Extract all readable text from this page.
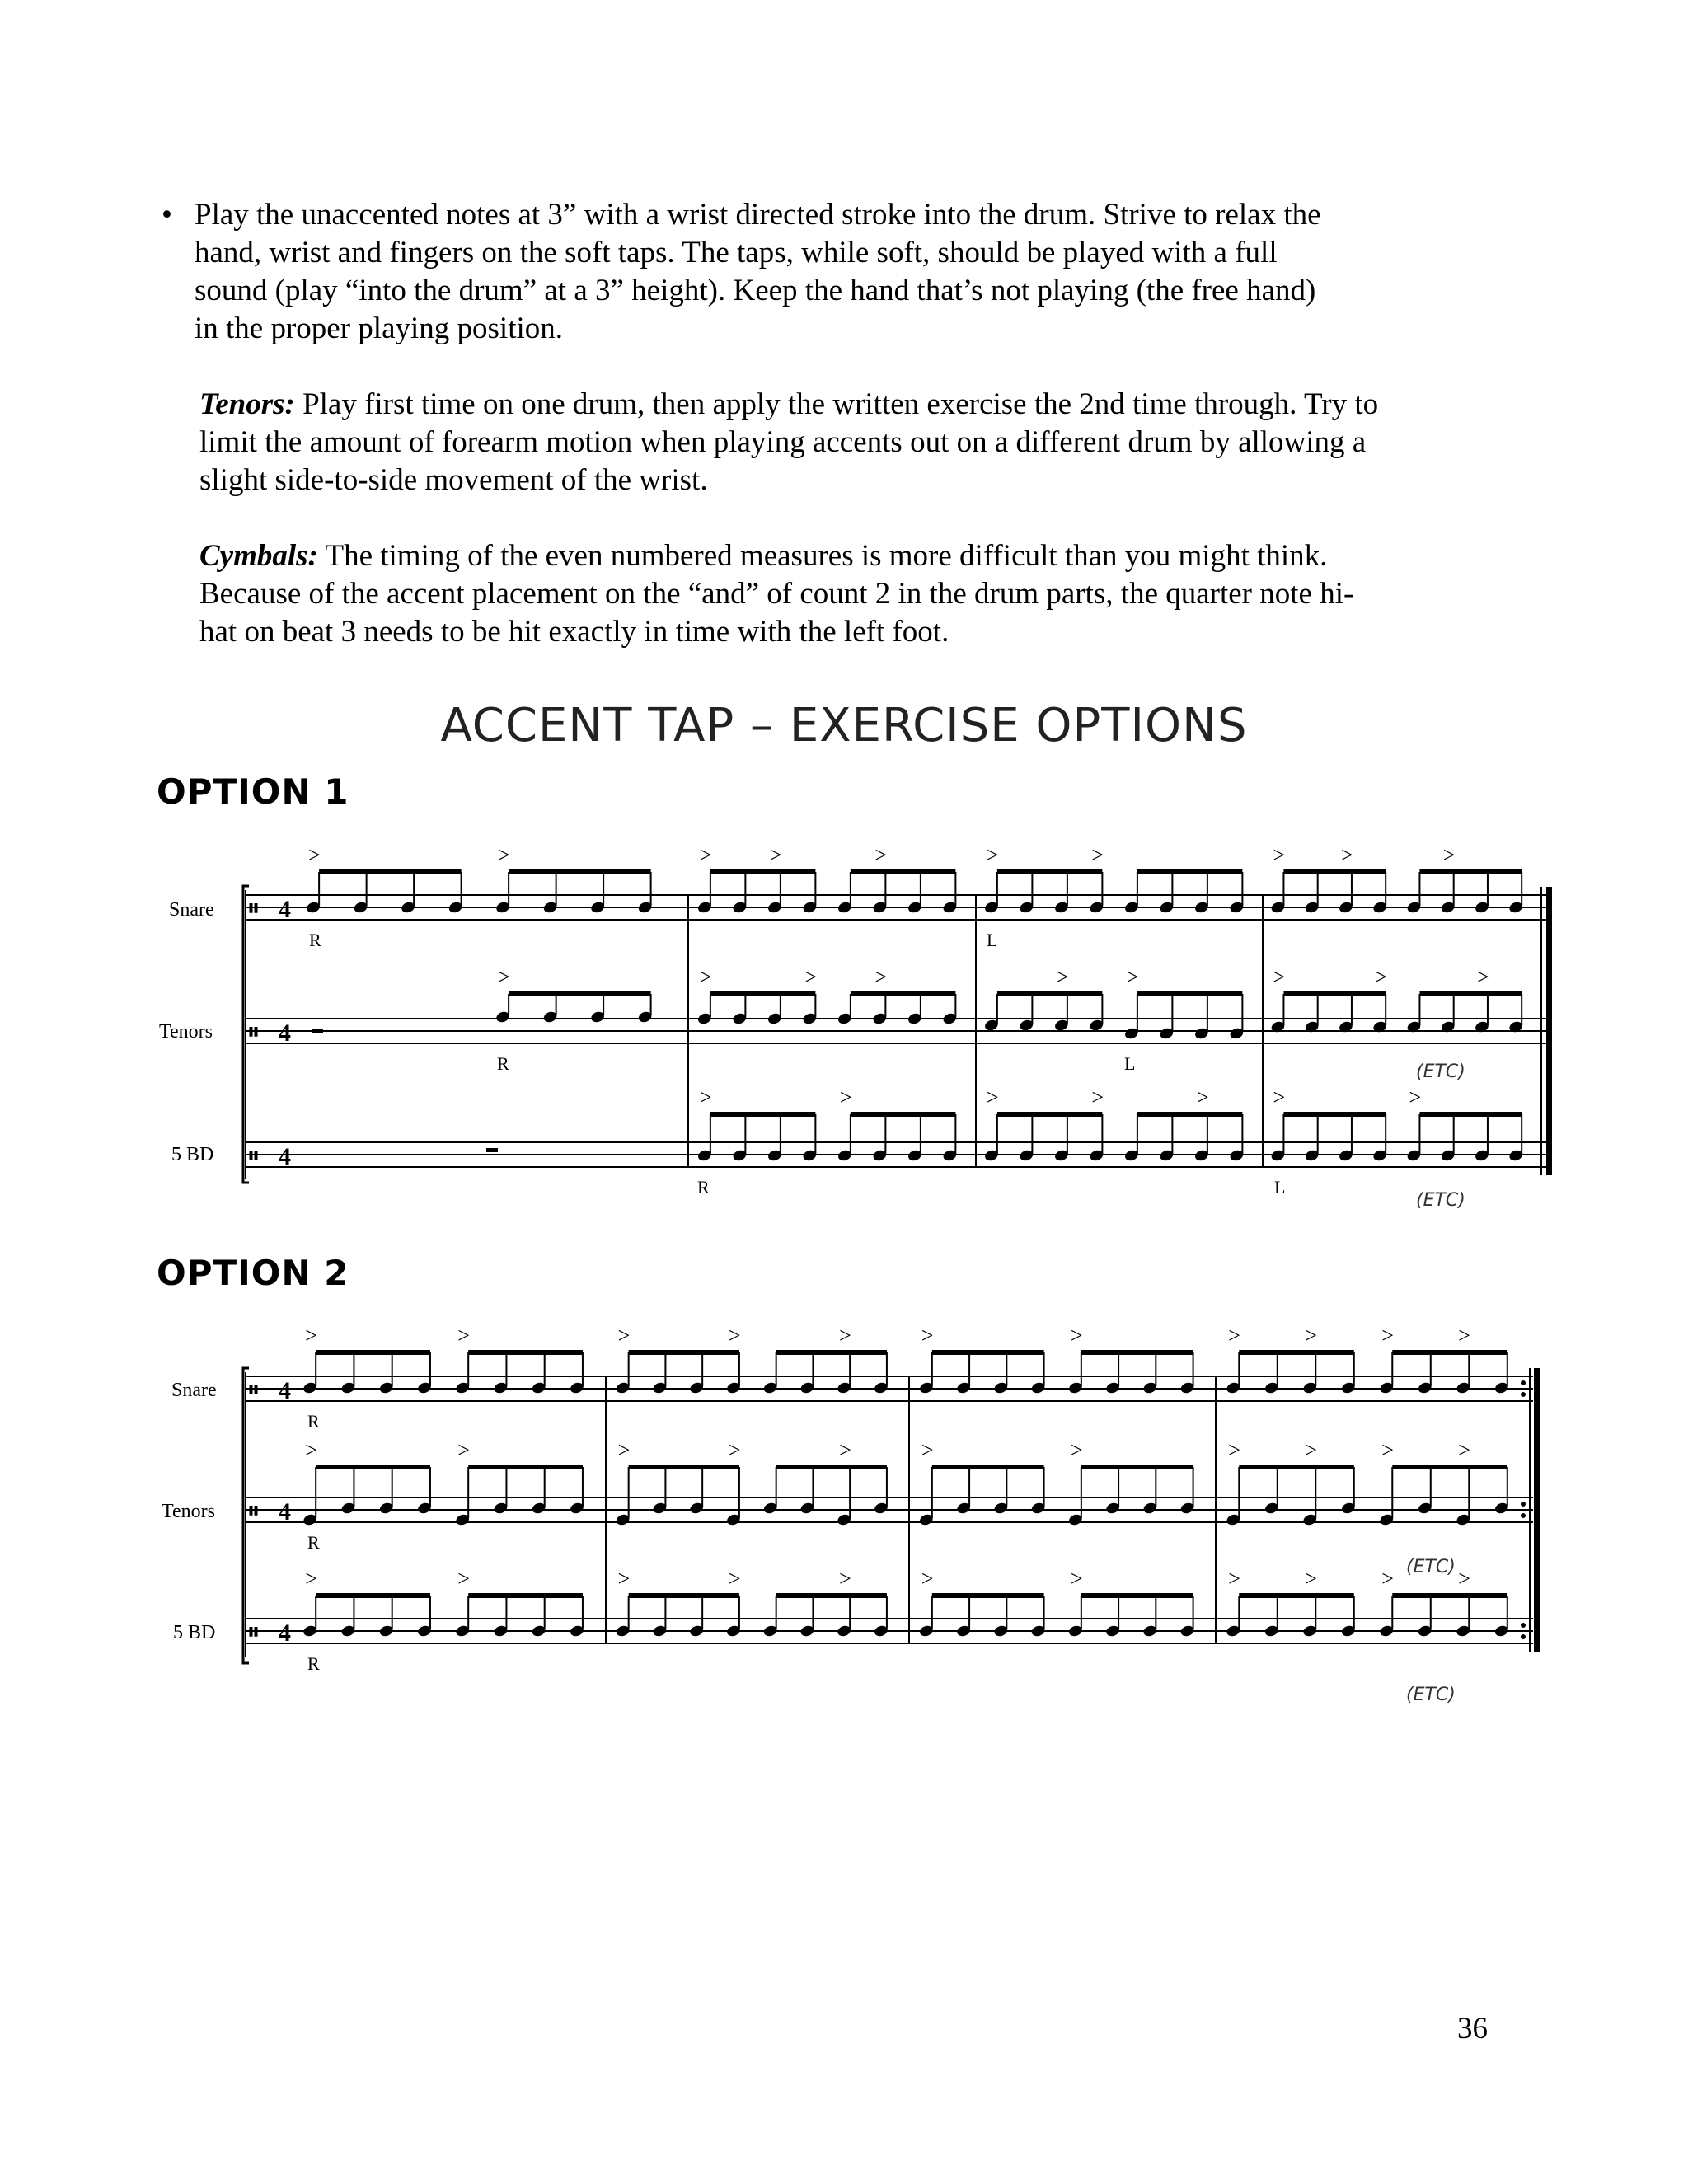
• Play the unaccented notes at 3” with a wrist directed stroke into the drum. Strive to relax the
hand, wrist and fingers on the soft taps. The taps, while soft, should be played with a full
sound (play “into the drum” at a 3” height). Keep the hand that’s not playing (the free hand)
in the proper playing position.
Tenors: Play first time on one drum, then apply the written exercise the 2nd time through. Try to
limit the amount of forearm motion when playing accents out on a different drum by allowing a
slight side-to-side movement of the wrist.
Cymbals: The timing of the even numbered measures is more difficult than you might think.
Because of the accent placement on the “and” of count 2 in the drum parts, the quarter note hi-
hat on beat 3 needs to be hit exactly in time with the left foot.
ACCENT TAP – EXERCISE OPTIONS
OPTION 1
Snare
Tenors
5 BD
𝄥 4
𝄥 4
𝄥 4
>	>	>	>	>	>	>	>	>	>
>	>	>	>	>	>	>	>	>
>	>	>	>	>	>	>
R	L
R	L
R	L
(ETC)
(ETC)
OPTION 2
Snare
Tenors
5 BD
𝄥 4
𝄥 4
𝄥 4
>	>	>	>	>	>	>	>	>	>	>
>	>	>	>	>	>	>	>	>	>	>
>	>	>	>	>	>	>	>	>	>	>
R
R
R
(ETC)
(ETC)
36
